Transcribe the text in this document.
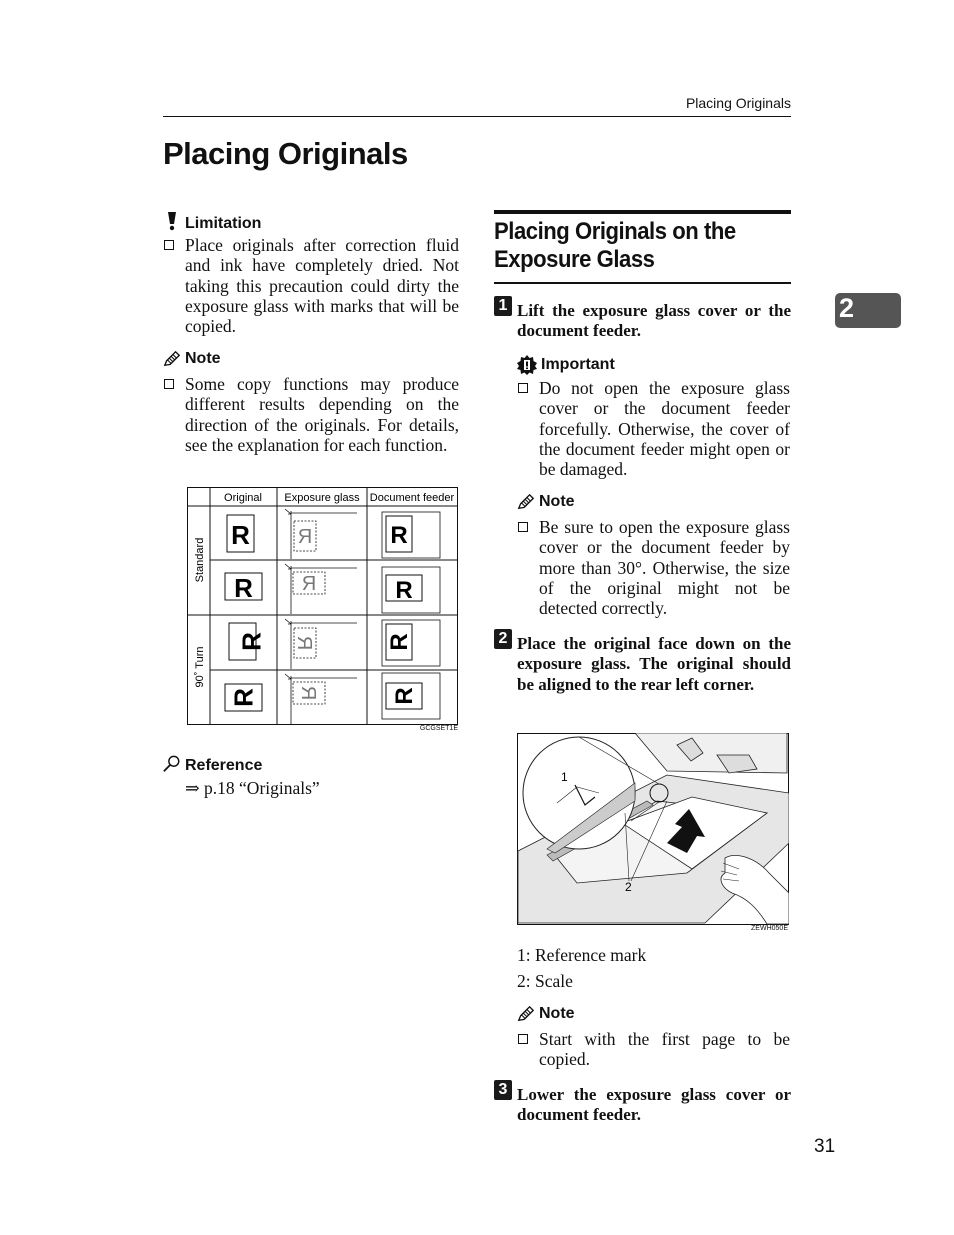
Placing Originals
Placing Originals
2
Limitation
Place originals after correction fluid and ink have completely dried. Not taking this precaution could dirty the exposure glass with marks that will be copied.
Note
Some copy functions may produce different results depending on the direction of the originals. For details, see the explanation for each function.
Original Exposure glass Document feeder
Standard
90˚ Turn
R
R
R
R
R
R
R
R
R
R
R
R
GCGSET1E
Reference
⇒ p.18 “Originals”
Placing Originals on the Exposure Glass
1 Lift the exposure glass cover or the document feeder.
Important
Do not open the exposure glass cover or the document feeder forcefully. Otherwise, the cover of the document feeder might open or be damaged.
Note
Be sure to open the exposure glass cover or the document feeder by more than 30°. Otherwise, the size of the original might not be detected correctly.
2 Place the original face down on the exposure glass. The original should be aligned to the rear left corner.
1
2
ZEWH050E
1: Reference mark
2: Scale
Note
Start with the first page to be copied.
3 Lower the exposure glass cover or document feeder.
31
